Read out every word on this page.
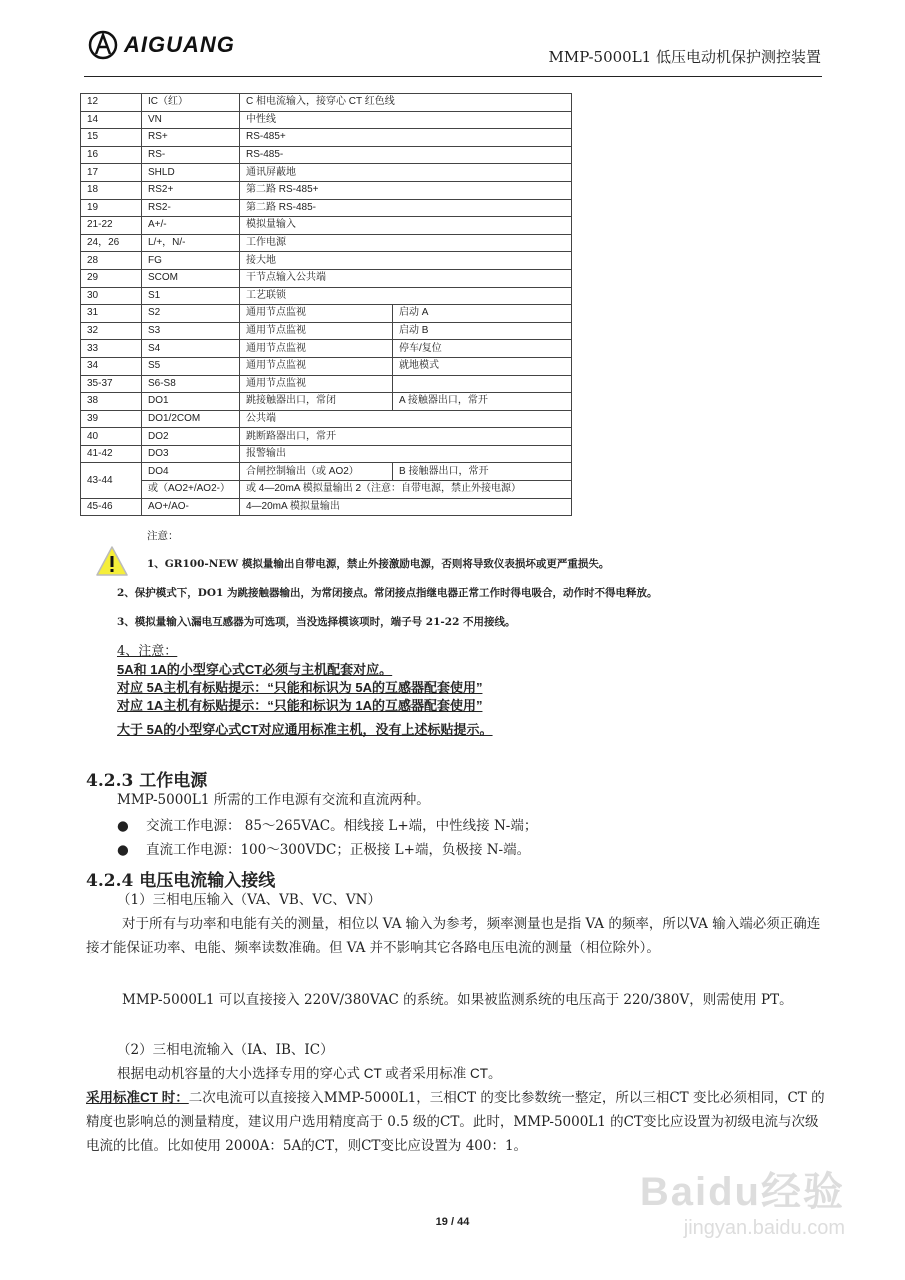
AIGUANG	MMP-5000L1 低压电动机保护测控装置
12	IC（红）	C 相电流输入，接穿心 CT 红色线	
14	VN	中性线	
15	RS+	RS-485+	
16	RS-	RS-485-	
17	SHLD	通讯屏蔽地	
18	RS2+	第二路 RS-485+	
19	RS2-	第二路 RS-485-	
21-22	A+/-	模拟量输入	
24，26	L/+，N/-	工作电源	
28	FG	接大地	
29	SCOM	干节点输入公共端	
30	S1	工艺联锁	
31	S2	通用节点监视	启动 A
32	S3	通用节点监视	启动 B
33	S4	通用节点监视	停车/复位
34	S5	通用节点监视	就地模式
35-37	S6-S8	通用节点监视	
38	DO1	跳接触器出口，常闭	A 接触器出口，常开
39	DO1/2COM	公共端	
40	DO2	跳断路器出口，常开	
41-42	DO3	报警输出	
43-44	DO4	合闸控制输出（或 AO2）	B 接触器出口，常开
	或（AO2+/AO2-）	或 4—20mA 模拟量输出 2（注意：自带电源，禁止外接电源）	
45-46	AO+/AO-	4—20mA 模拟量输出	
注意：
1、GR100-NEW 模拟量输出自带电源，禁止外接激励电源，否则将导致仪表损坏或更严重损失。
2、保护模式下，DO1 为跳接触器输出，为常闭接点。常闭接点指继电器正常工作时得电吸合，动作时不得电释放。
3、模拟量输入\漏电互感器为可选项，当没选择模该项时，端子号 21-22 不用接线。
4、注意：
5A和 1A的小型穿心式CT必须与主机配套对应。
对应 5A主机有标贴提示：“只能和标识为 5A的互感器配套使用”
对应 1A主机有标贴提示：“只能和标识为 1A的互感器配套使用”
大于 5A的小型穿心式CT对应通用标准主机，没有上述标贴提示。
4.2.3 工作电源
MMP-5000L1 所需的工作电源有交流和直流两种。
● 交流工作电源： 85～265VAC。相线接 L+端，中性线接 N-端；
● 直流工作电源：100～300VDC；正极接 L+端，负极接 N-端。
4.2.4 电压电流输入接线
（1）三相电压输入（VA、VB、VC、VN）
对于所有与功率和电能有关的测量，相位以 VA 输入为参考，频率测量也是指 VA 的频率，所以VA 输入端必须正确连接才能保证功率、电能、频率读数准确。但 VA 并不影响其它各路电压电流的测量（相位除外）。
MMP-5000L1 可以直接接入 220V/380VAC 的系统。如果被监测系统的电压高于 220/380V，则需使用 PT。
（2）三相电流输入（IA、IB、IC）
根据电动机容量的大小选择专用的穿心式 CT 或者采用标准 CT。
采用标准CT 时：二次电流可以直接接入MMP-5000L1，三相CT 的变比参数统一整定，所以三相CT 变比必须相同，CT 的精度也影响总的测量精度，建议用户选用精度高于 0.5 级的CT。此时，MMP-5000L1 的CT变比应设置为初级电流与次级电流的比值。比如使用 2000A：5A的CT，则CT变比应设置为 400：1。
19 / 44
Baidu经验
jingyan.baidu.com
